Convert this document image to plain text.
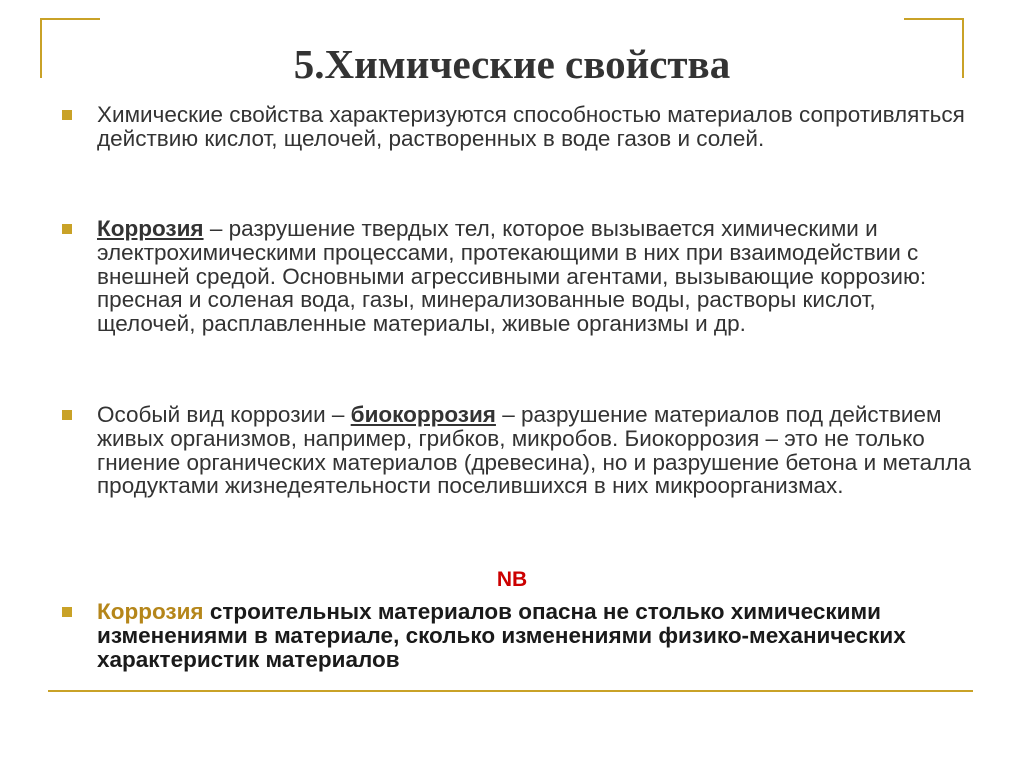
5.Химические свойства
Химические свойства характеризуются способностью материалов сопротивляться действию кислот, щелочей, растворенных в воде газов и солей.
Коррозия – разрушение твердых тел, которое вызывается химическими и электрохимическими процессами, протекающими в них при взаимодействии с внешней средой. Основными агрессивными агентами, вызывающие коррозию: пресная и соленая вода, газы, минерализованные воды, растворы кислот, щелочей, расплавленные материалы, живые организмы и др.
Особый вид коррозии – биокоррозия – разрушение материалов под действием живых организмов, например, грибков, микробов. Биокоррозия – это не только гниение органических материалов (древесина), но и разрушение бетона и металла продуктами жизнедеятельности поселившихся в них микроорганизмах.
NB
Коррозия строительных материалов опасна не столько химическими изменениями в материале, сколько изменениями физико-механических характеристик материалов
